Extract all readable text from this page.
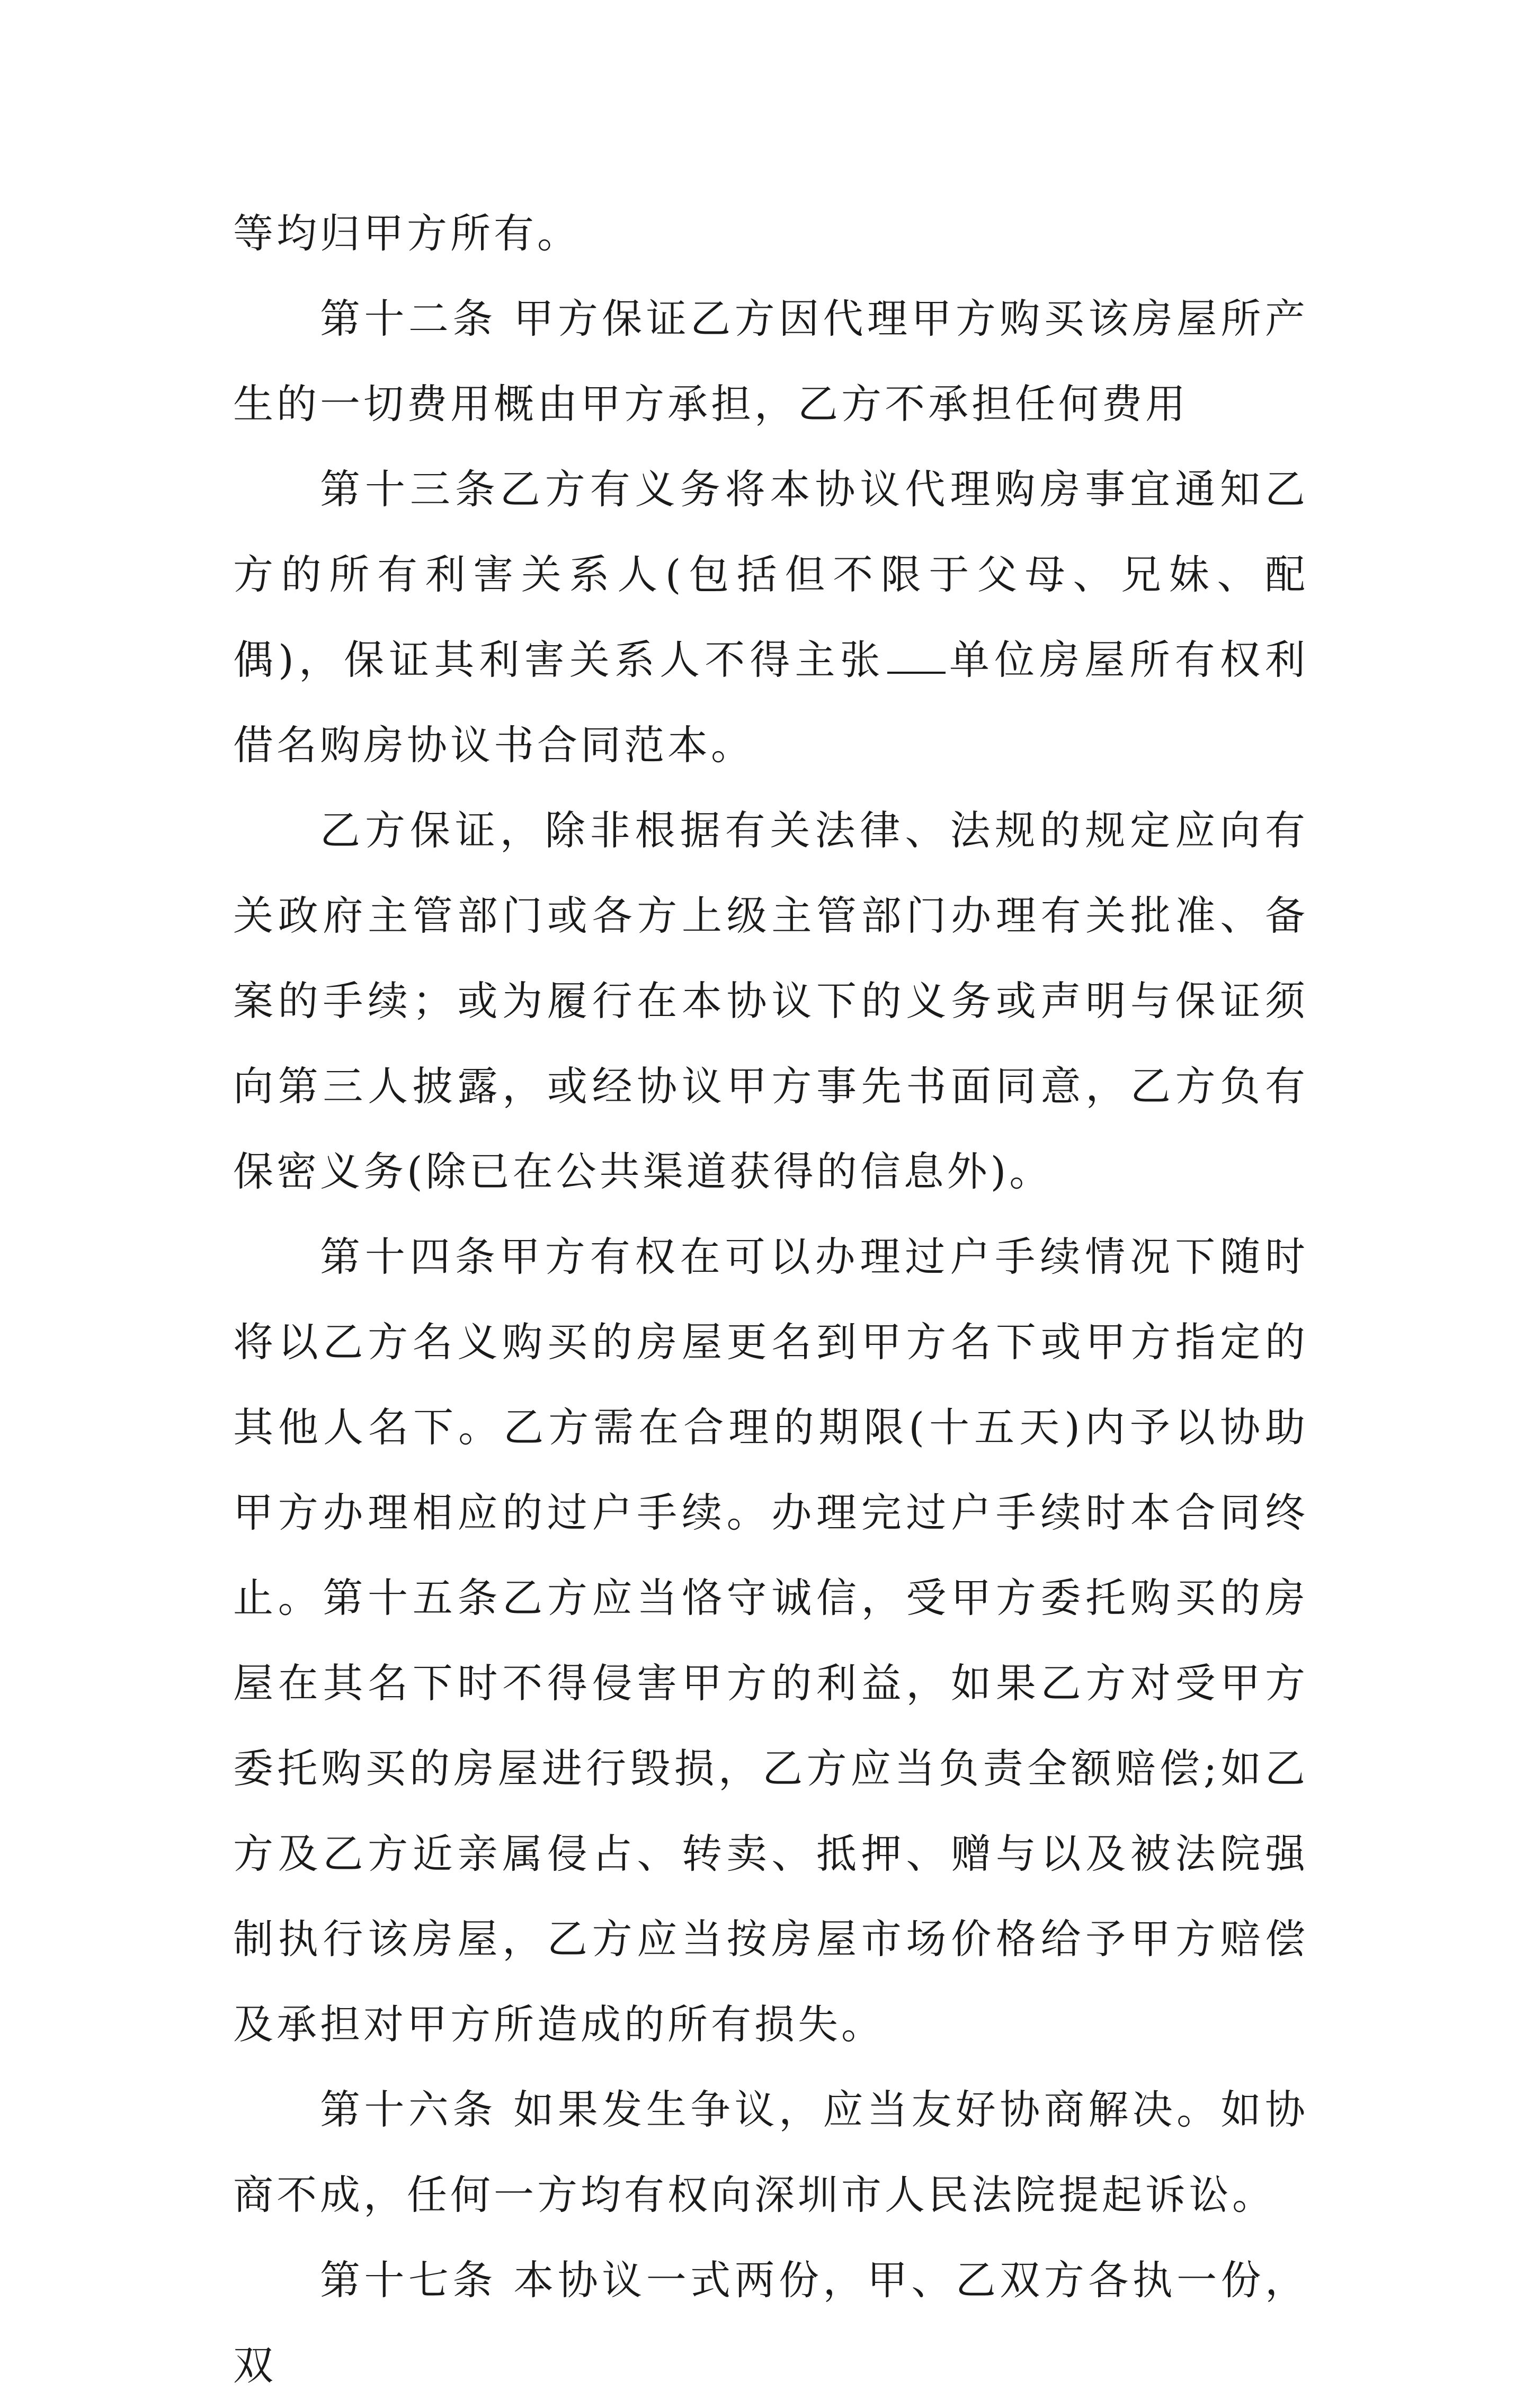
等均归甲方所有。

第十二条 甲方保证乙方因代理甲方购买该房屋所产生的一切费用概由甲方承担，乙方不承担任何费用

第十三条乙方有义务将本协议代理购房事宜通知乙方的所有利害关系人(包括但不限于父母、兄妹、配偶)，保证其利害关系人不得主张 单位房屋所有权利借名购房协议书合同范本。

乙方保证，除非根据有关法律、法规的规定应向有关政府主管部门或各方上级主管部门办理有关批准、备案的手续；或为履行在本协议下的义务或声明与保证须向第三人披露，或经协议甲方事先书面同意，乙方负有保密义务(除已在公共渠道获得的信息外)。

第十四条甲方有权在可以办理过户手续情况下随时将以乙方名义购买的房屋更名到甲方名下或甲方指定的其他人名下。乙方需在合理的期限(十五天)内予以协助甲方办理相应的过户手续。办理完过户手续时本合同终止。第十五条乙方应当恪守诚信，受甲方委托购买的房屋在其名下时不得侵害甲方的利益，如果乙方对受甲方委托购买的房屋进行毁损，乙方应当负责全额赔偿;如乙方及乙方近亲属侵占、转卖、抵押、赠与以及被法院强制执行该房屋，乙方应当按房屋市场价格给予甲方赔偿及承担对甲方所造成的所有损失。

第十六条 如果发生争议，应当友好协商解决。如协商不成，任何一方均有权向深圳市人民法院提起诉讼。

第十七条 本协议一式两份，甲、乙双方各执一份，双
